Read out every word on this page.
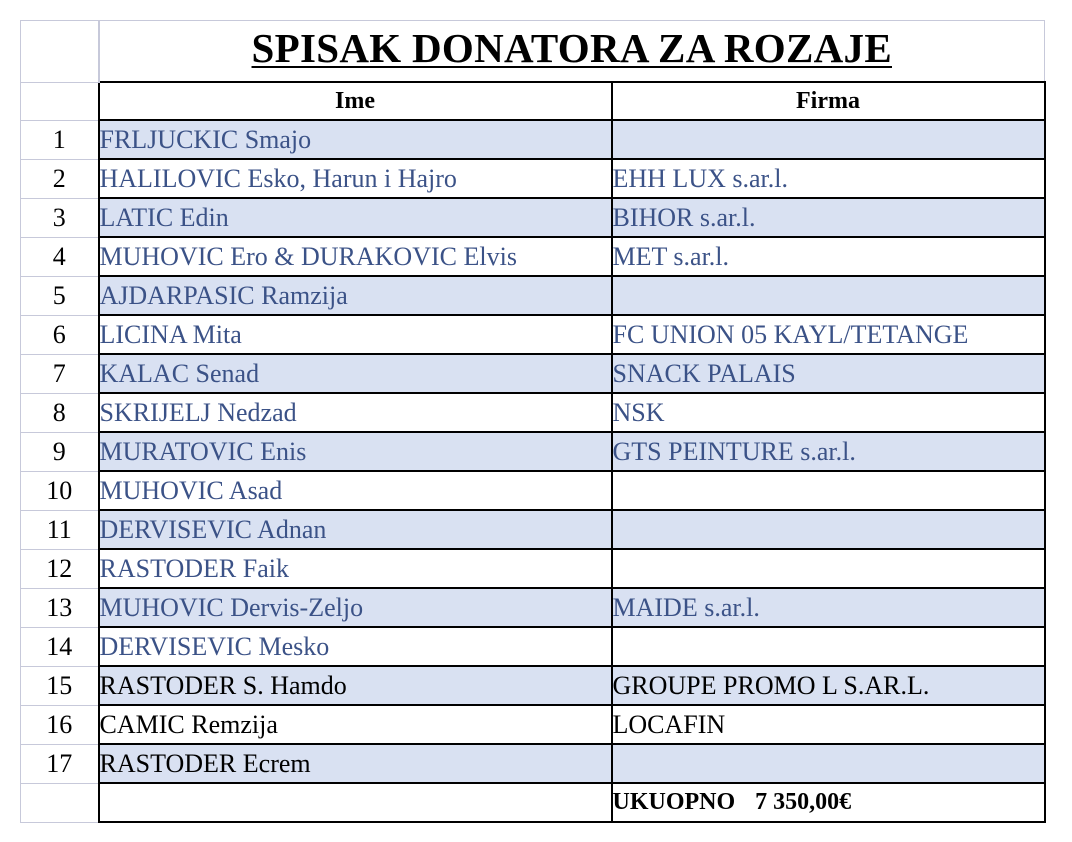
	SPISAK DONATORA ZA ROZAJE	
	Ime	Firma
1	FRLJUCKIC Smajo	
2	HALILOVIC Esko, Harun i Hajro	EHH LUX s.ar.l.
3	LATIC Edin	BIHOR s.ar.l.
4	MUHOVIC Ero & DURAKOVIC Elvis	MET s.ar.l.
5	AJDARPASIC Ramzija	
6	LICINA Mita	FC UNION 05 KAYL/TETANGE
7	KALAC Senad	SNACK PALAIS
8	SKRIJELJ Nedzad	NSK
9	MURATOVIC Enis	GTS PEINTURE s.ar.l.
10	MUHOVIC Asad	
11	DERVISEVIC Adnan	
12	RASTODER Faik	
13	MUHOVIC Dervis-Zeljo	MAIDE s.ar.l.
14	DERVISEVIC Mesko	
15	RASTODER S. Hamdo	GROUPE PROMO L S.AR.L.
16	CAMIC Remzija	LOCAFIN
17	RASTODER Ecrem	
		UKUOPNO 7 350,00€
